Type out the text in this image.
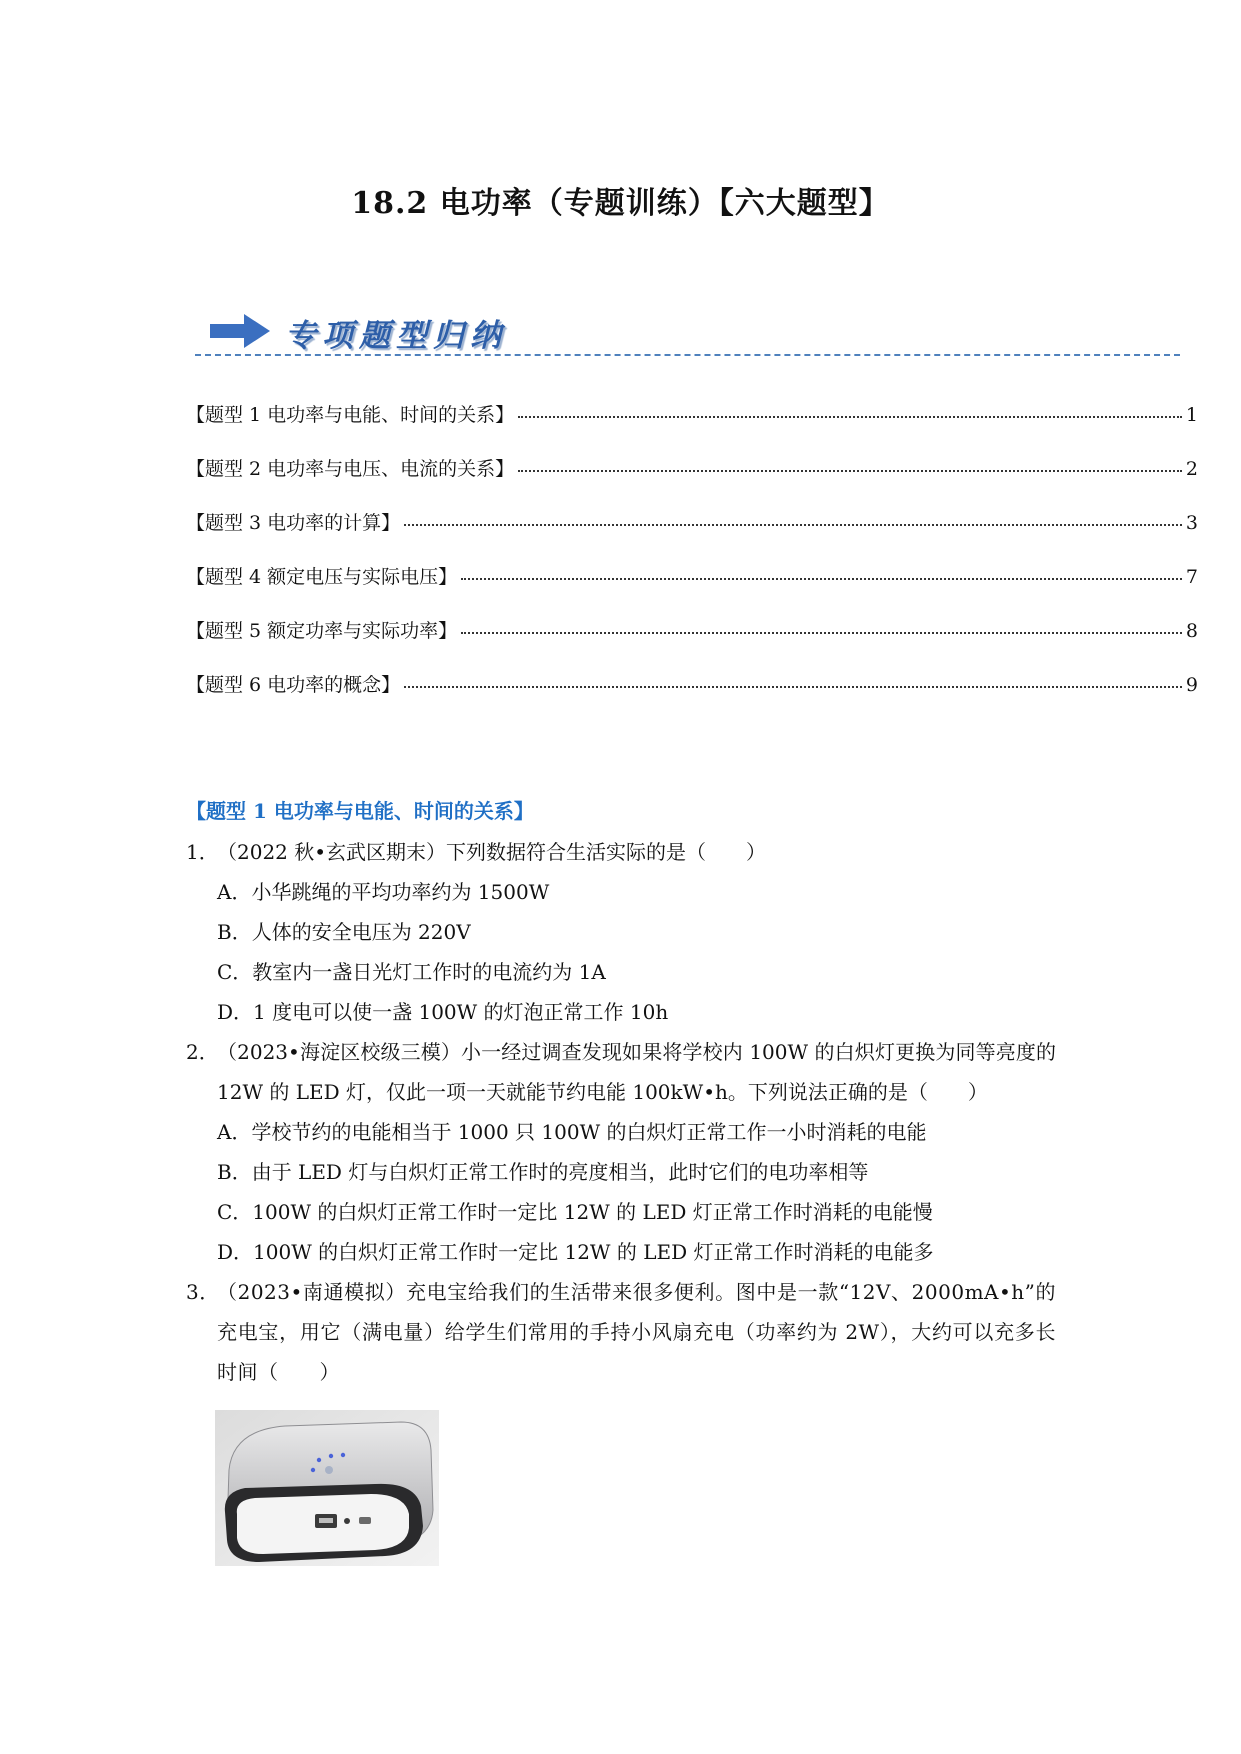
18.2 电功率（专题训练）【六大题型】
专项题型归纳
【题型 1 电功率与电能、时间的关系】	1
【题型 2 电功率与电压、电流的关系】	2
【题型 3 电功率的计算】	3
【题型 4 额定电压与实际电压】	7
【题型 5 额定功率与实际功率】	8
【题型 6 电功率的概念】	9
【题型 1 电功率与电能、时间的关系】
1．
（2022 秋•玄武区期末）下列数据符合生活实际的是（　　）
A．小华跳绳的平均功率约为 1500W
B．人体的安全电压为 220V
C．教室内一盏日光灯工作时的电流约为 1A
D．1 度电可以使一盏 100W 的灯泡正常工作 10h
2．
（2023•海淀区校级三模）小一经过调查发现如果将学校内 100W 的白炽灯更换为同等亮度的 12W 的 LED 灯，仅此一项一天就能节约电能 100kW•h。下列说法正确的是（　　）
A．学校节约的电能相当于 1000 只 100W 的白炽灯正常工作一小时消耗的电能
B．由于 LED 灯与白炽灯正常工作时的亮度相当，此时它们的电功率相等
C．100W 的白炽灯正常工作时一定比 12W 的 LED 灯正常工作时消耗的电能慢
D．100W 的白炽灯正常工作时一定比 12W 的 LED 灯正常工作时消耗的电能多
3．
（2023•南通模拟）充电宝给我们的生活带来很多便利。图中是一款“12V、2000mA•h”的充电宝，用它（满电量）给学生们常用的手持小风扇充电（功率约为 2W），大约可以充多长时间（　　）
